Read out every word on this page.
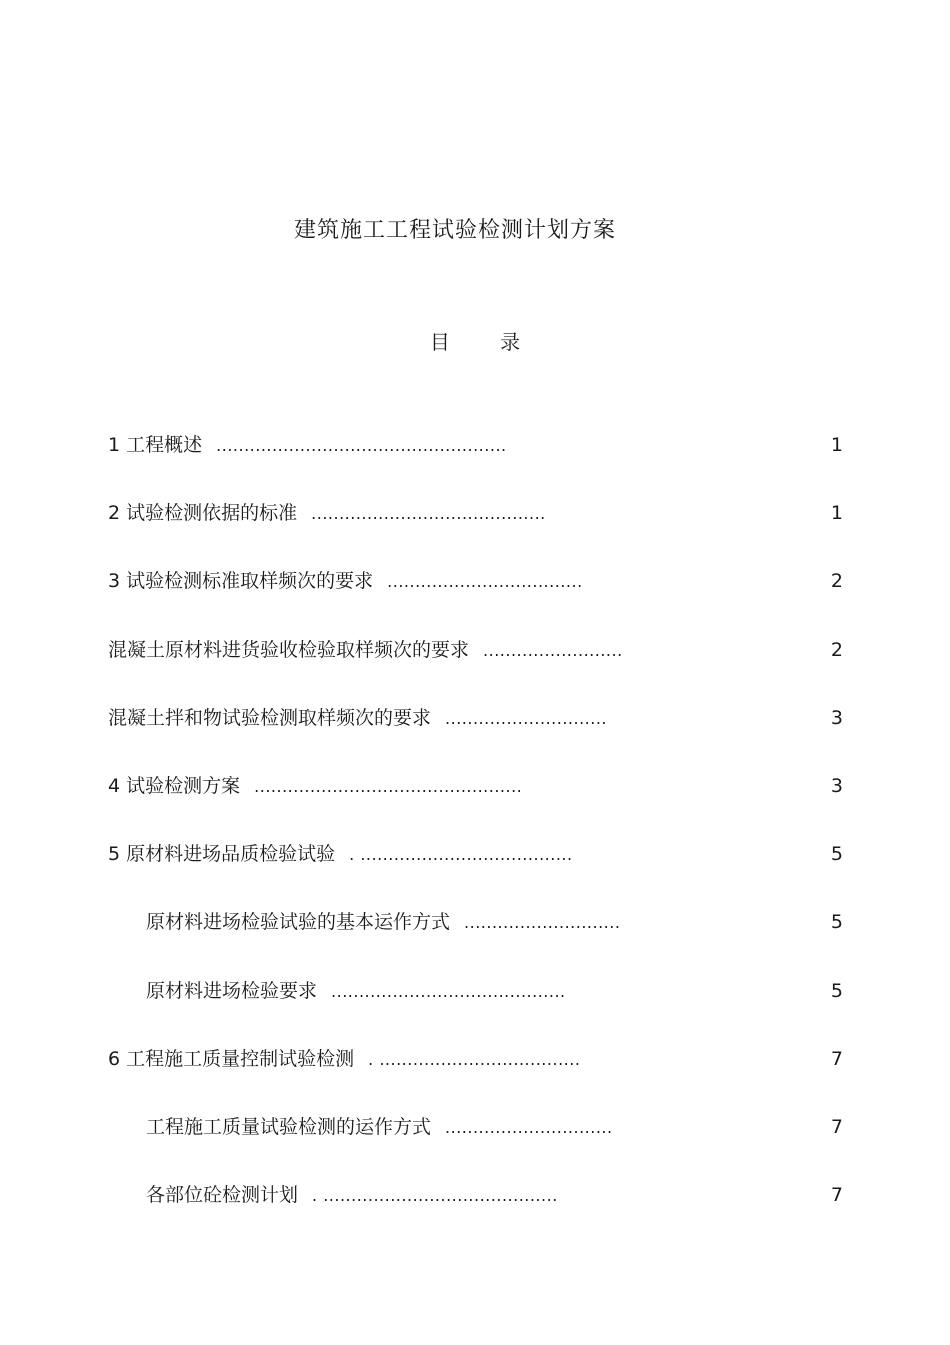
建筑施工工程试验检测计划方案
目	录
1 工程概述 ....................................................	1
2 试验检测依据的标准 ..........................................	1
3 试验检测标准取样频次的要求 ...................................	2
混凝土原材料进货验收检验取样频次的要求 .........................	2
混凝土拌和物试验检测取样频次的要求 .............................	3
4 试验检测方案 ................................................	3
5 原材料进场品质检验试验 . ......................................	5
原材料进场检验试验的基本运作方式 ............................	5
原材料进场检验要求 ..........................................	5
6 工程施工质量控制试验检测 . ....................................	7
工程施工质量试验检测的运作方式 ..............................	7
各部位砼检测计划 . ..........................................	7
